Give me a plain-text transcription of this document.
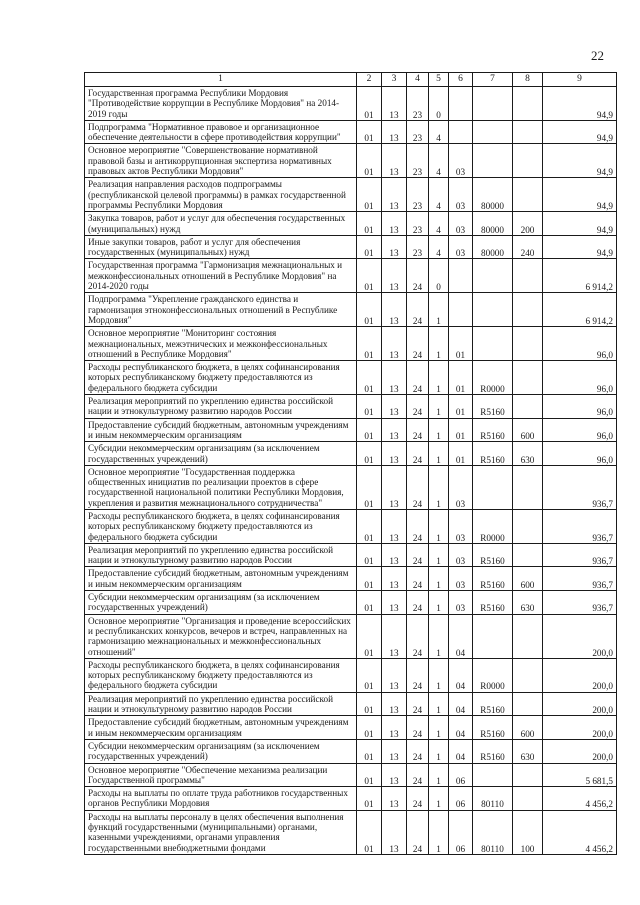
22
1	2	3	4	5	6	7	8	9
Государственная программа Республики Мордовия "Противодействие коррупции в Республике Мордовия" на 2014-2019 годы	01	13	23	0				94,9
Подпрограмма "Нормативное правовое и организационное обеспечение деятельности в сфере противодействия коррупции"	01	13	23	4				94,9
Основное мероприятие "Совершенствование нормативной правовой базы и антикоррупционная экспертиза нормативных правовых актов Республики Мордовия"	01	13	23	4	03			94,9
Реализация направления расходов подпрограммы (республиканской целевой программы) в рамках государственной программы Республики Мордовия	01	13	23	4	03	80000		94,9
Закупка товаров, работ и услуг для обеспечения государственных (муниципальных) нужд	01	13	23	4	03	80000	200	94,9
Иные закупки товаров, работ и услуг для обеспечения государственных (муниципальных) нужд	01	13	23	4	03	80000	240	94,9
Государственная программа "Гармонизация межнациональных и межконфессиональных отношений в Республике Мордовия" на 2014-2020 годы	01	13	24	0				6 914,2
Подпрограмма "Укрепление гражданского единства и гармонизация этноконфессиональных отношений в Республике Мордовия"	01	13	24	1				6 914,2
Основное мероприятие "Мониторинг состояния межнациональных, межэтнических и межконфессиональных отношений в Республике Мордовия"	01	13	24	1	01			96,0
Расходы республиканского бюджета, в целях софинансирования которых республиканскому бюджету предоставляются из федерального бюджета субсидии	01	13	24	1	01	R0000		96,0
Реализация мероприятий по укреплению единства российской нации и этнокультурному развитию народов России	01	13	24	1	01	R5160		96,0
Предоставление субсидий бюджетным, автономным учреждениям и иным некоммерческим организациям	01	13	24	1	01	R5160	600	96,0
Субсидии некоммерческим организациям (за исключением государственных учреждений)	01	13	24	1	01	R5160	630	96,0
Основное мероприятие "Государственная поддержка общественных инициатив по реализации проектов в сфере государственной национальной политики Республики Мордовия, укрепления и развития межнационального сотрудничества"	01	13	24	1	03			936,7
Расходы республиканского бюджета, в целях софинансирования которых республиканскому бюджету предоставляются из федерального бюджета субсидии	01	13	24	1	03	R0000		936,7
Реализация мероприятий по укреплению единства российской нации и этнокультурному развитию народов России	01	13	24	1	03	R5160		936,7
Предоставление субсидий бюджетным, автономным учреждениям и иным некоммерческим организациям	01	13	24	1	03	R5160	600	936,7
Субсидии некоммерческим организациям (за исключением государственных учреждений)	01	13	24	1	03	R5160	630	936,7
Основное мероприятие "Организация и проведение всероссийских и республиканских конкурсов, вечеров и встреч, направленных на гармонизацию межнациональных и межконфессиональных отношений"	01	13	24	1	04			200,0
Расходы республиканского бюджета, в целях софинансирования которых республиканскому бюджету предоставляются из федерального бюджета субсидии	01	13	24	1	04	R0000		200,0
Реализация мероприятий по укреплению единства российской нации и этнокультурному развитию народов России	01	13	24	1	04	R5160		200,0
Предоставление субсидий бюджетным, автономным учреждениям и иным некоммерческим организациям	01	13	24	1	04	R5160	600	200,0
Субсидии некоммерческим организациям (за исключением государственных учреждений)	01	13	24	1	04	R5160	630	200,0
Основное мероприятие "Обеспечение механизма реализации Государственной программы"	01	13	24	1	06			5 681,5
Расходы на выплаты по оплате труда работников государственных органов Республики Мордовия	01	13	24	1	06	80110		4 456,2
Расходы на выплаты персоналу в целях обеспечения выполнения функций государственными (муниципальными) органами, казенными учреждениями, органами управления государственными внебюджетными фондами	01	13	24	1	06	80110	100	4 456,2
